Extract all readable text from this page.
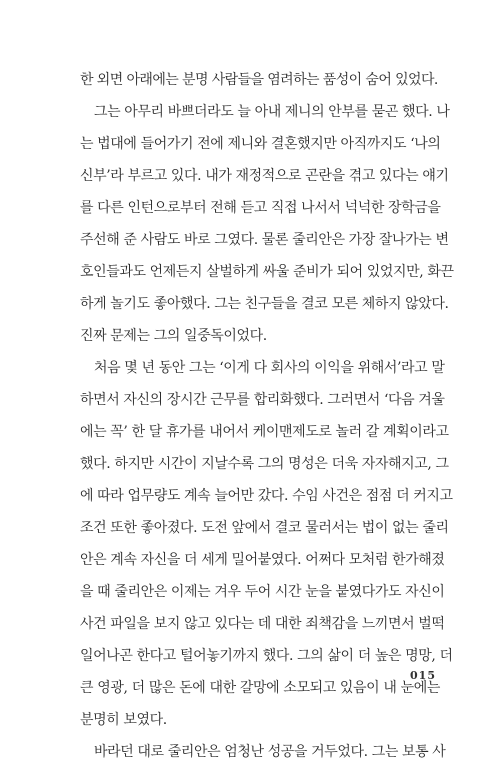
한 외면 아래에는 분명 사람들을 염려하는 품성이 숨어 있었다.
그는 아무리 바쁘더라도 늘 아내 제니의 안부를 묻곤 했다. 나
는 법대에 들어가기 전에 제니와 결혼했지만 아직까지도 ‘나의
신부’라 부르고 있다. 내가 재정적으로 곤란을 겪고 있다는 얘기
를 다른 인턴으로부터 전해 듣고 직접 나서서 넉넉한 장학금을
주선해 준 사람도 바로 그였다. 물론 줄리안은 가장 잘나가는 변
호인들과도 언제든지 살벌하게 싸울 준비가 되어 있었지만, 화끈
하게 놀기도 좋아했다. 그는 친구들을 결코 모른 체하지 않았다.
진짜 문제는 그의 일중독이었다.
처음 몇 년 동안 그는 ‘이게 다 회사의 이익을 위해서’라고 말
하면서 자신의 장시간 근무를 합리화했다. 그러면서 ‘다음 겨울
에는 꼭’ 한 달 휴가를 내어서 케이맨제도로 놀러 갈 계획이라고
했다. 하지만 시간이 지날수록 그의 명성은 더욱 자자해지고, 그
에 따라 업무량도 계속 늘어만 갔다. 수임 사건은 점점 더 커지고
조건 또한 좋아졌다. 도전 앞에서 결코 물러서는 법이 없는 줄리
안은 계속 자신을 더 세게 밀어붙였다. 어쩌다 모처럼 한가해졌
을 때 줄리안은 이제는 겨우 두어 시간 눈을 붙였다가도 자신이
사건 파일을 보지 않고 있다는 데 대한 죄책감을 느끼면서 벌떡
일어나곤 한다고 털어놓기까지 했다. 그의 삶이 더 높은 명망, 더
큰 영광, 더 많은 돈에 대한 갈망에 소모되고 있음이 내 눈에는
분명히 보였다.
바라던 대로 줄리안은 엄청난 성공을 거두었다. 그는 보통 사
015
